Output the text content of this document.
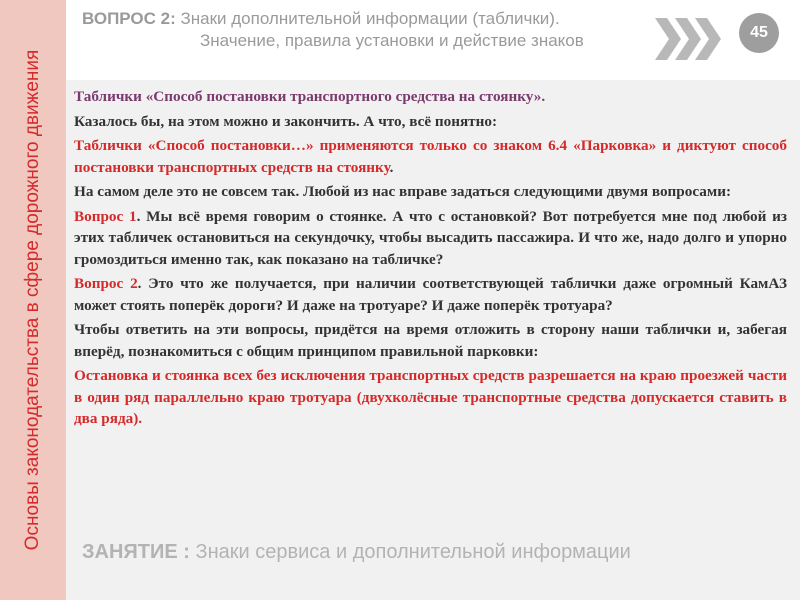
Основы законодательства в сфере дорожного движения
ВОПРОС 2: Знаки дополнительной информации (таблички).
Значение, правила установки и действие знаков	45
ЗАНЯТИЕ : Знаки сервиса и дополнительной информации

Таблички «Способ постановки транспортного средства на стоянку».

Казалось бы, на этом можно и закончить. А что, всё понятно:

Таблички «Способ постановки…» применяются только со знаком 6.4 «Парковка» и диктуют способ постановки транспортных средств на стоянку.

На самом деле это не совсем так. Любой из нас вправе задаться следующими двумя вопросами:

Вопрос 1. Мы всё время говорим о стоянке. А что с остановкой? Вот потребуется мне под любой из этих табличек остановиться на секундочку, чтобы высадить пассажира. И что же, надо долго и упорно громоздиться именно так, как показано на табличке?

Вопрос 2. Это что же получается, при наличии соответствующей таблички даже огромный КамАЗ может стоять поперёк дороги? И даже на тротуаре? И даже поперёк тротуара?

Чтобы ответить на эти вопросы, придётся на время отложить в сторону наши таблички и, забегая вперёд, познакомиться с общим принципом правильной парковки:

Остановка и стоянка всех без исключения транспортных средств разрешается на краю проезжей части в один ряд параллельно краю тротуара (двухколёсные транспортные средства допускается ставить в два ряда).
